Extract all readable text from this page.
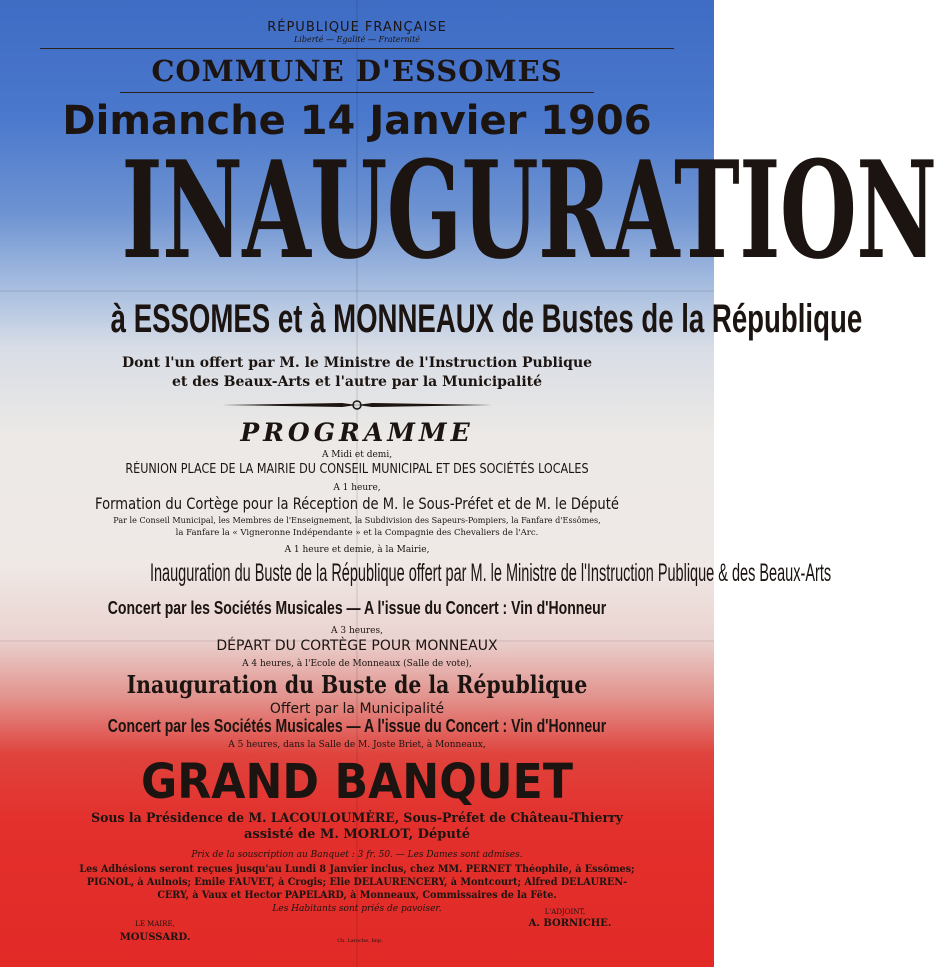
RÉPUBLIQUE FRANÇAISE
Liberté — Egalité — Fraternité
COMMUNE D'ESSOMES
Dimanche 14 Janvier 1906
INAUGURATION
à ESSOMES et à MONNEAUX de Bustes de la République
Dont l'un offert par M. le Ministre de l'Instruction Publique
et des Beaux-Arts et l'autre par la Municipalité
PROGRAMME
A Midi et demi,
RÉUNION PLACE DE LA MAIRIE DU CONSEIL MUNICIPAL ET DES SOCIÉTÉS LOCALES
A 1 heure,
Formation du Cortège pour la Réception de M. le Sous-Préfet et de M. le Député
Par le Conseil Municipal, les Membres de l'Enseignement, la Subdivision des Sapeurs-Pompiers, la Fanfare d'Essômes,
la Fanfare la « Vigneronne Indépendante » et la Compagnie des Chevaliers de l'Arc.
A 1 heure et demie, à la Mairie,
Inauguration du Buste de la République offert par M. le Ministre de l'Instruction Publique & des Beaux-Arts
Concert par les Sociétés Musicales — A l'issue du Concert : Vin d'Honneur
A 3 heures,
DÉPART DU CORTÈGE POUR MONNEAUX
A 4 heures, à l'Ecole de Monneaux (Salle de vote),
Inauguration du Buste de la République
Offert par la Municipalité
Concert par les Sociétés Musicales — A l'issue du Concert : Vin d'Honneur
A 5 heures, dans la Salle de M. Joste Briet, à Monneaux,
GRAND BANQUET
Sous la Présidence de M. LACOULOUMÈRE, Sous-Préfet de Château-Thierry
assisté de M. MORLOT, Député
Prix de la souscription au Banquet : 3 fr. 50. — Les Dames sont admises.
Les Adhésions seront reçues jusqu'au Lundi 8 Janvier inclus, chez MM. PERNET Théophile, à Essômes;
PIGNOL, à Aulnois; Emile FAUVET, à Crogis; Elie DELAURENCERY, à Montcourt; Alfred DELAUREN-
CERY, à Vaux et Hector PAPELARD, à Monneaux, Commissaires de la Fête.
Les Habitants sont priés de pavoiser.
LE MAIRE,
MOUSSARD.
L'ADJOINT,
A. BORNICHE.
Ch. Laroche, Imp.
